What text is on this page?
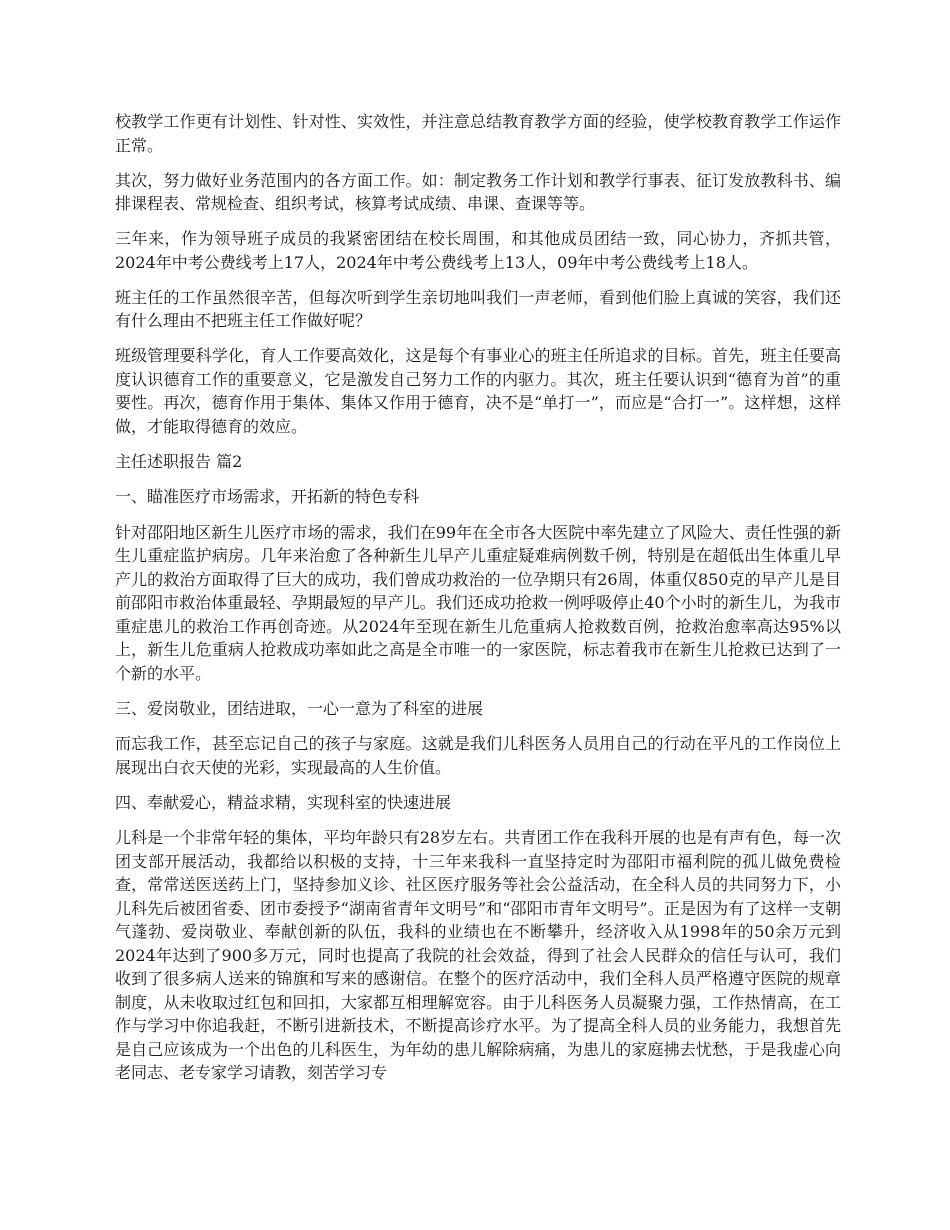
校教学工作更有计划性、针对性、实效性，并注意总结教育教学方面的经验，使学校教育教学工作运作正常。

其次，努力做好业务范围内的各方面工作。如：制定教务工作计划和教学行事表、征订发放教科书、编排课程表、常规检查、组织考试，核算考试成绩、串课、查课等等。

三年来，作为领导班子成员的我紧密团结在校长周围，和其他成员团结一致，同心协力，齐抓共管，2024年中考公费线考上17人，2024年中考公费线考上13人，09年中考公费线考上18人。

班主任的工作虽然很辛苦，但每次听到学生亲切地叫我们一声老师，看到他们脸上真诚的笑容，我们还有什么理由不把班主任工作做好呢？

班级管理要科学化，育人工作要高效化，这是每个有事业心的班主任所追求的目标。首先，班主任要高度认识德育工作的重要意义，它是激发自己努力工作的内驱力。其次，班主任要认识到“德育为首”的重要性。再次，德育作用于集体、集体又作用于德育，决不是“单打一”，而应是“合打一”。这样想，这样做，才能取得德育的效应。

主任述职报告 篇2

一、瞄准医疗市场需求，开拓新的特色专科

针对邵阳地区新生儿医疗市场的需求，我们在99年在全市各大医院中率先建立了风险大、责任性强的新生儿重症监护病房。几年来治愈了各种新生儿早产儿重症疑难病例数千例，特别是在超低出生体重儿早产儿的救治方面取得了巨大的成功，我们曾成功救治的一位孕期只有26周，体重仅850克的早产儿是目前邵阳市救治体重最轻、孕期最短的早产儿。我们还成功抢救一例呼吸停止40个小时的新生儿，为我市重症患儿的救治工作再创奇迹。从2024年至现在新生儿危重病人抢救数百例，抢救治愈率高达95%以上，新生儿危重病人抢救成功率如此之高是全市唯一的一家医院，标志着我市在新生儿抢救已达到了一个新的水平。

三、爱岗敬业，团结进取，一心一意为了科室的进展

而忘我工作，甚至忘记自己的孩子与家庭。这就是我们儿科医务人员用自己的行动在平凡的工作岗位上展现出白衣天使的光彩，实现最高的人生价值。

四、奉献爱心，精益求精，实现科室的快速进展

儿科是一个非常年轻的集体，平均年龄只有28岁左右。共青团工作在我科开展的也是有声有色，每一次团支部开展活动，我都给以积极的支持，十三年来我科一直坚持定时为邵阳市福利院的孤儿做免费检查，常常送医送药上门，坚持参加义诊、社区医疗服务等社会公益活动，在全科人员的共同努力下，小儿科先后被团省委、团市委授予“湖南省青年文明号”和“邵阳市青年文明号”。正是因为有了这样一支朝气蓬勃、爱岗敬业、奉献创新的队伍，我科的业绩也在不断攀升，经济收入从1998年的50余万元到2024年达到了900多万元，同时也提高了我院的社会效益，得到了社会人民群众的信任与认可，我们收到了很多病人送来的锦旗和写来的感谢信。在整个的医疗活动中，我们全科人员严格遵守医院的规章制度，从未收取过红包和回扣，大家都互相理解宽容。由于儿科医务人员凝聚力强，工作热情高，在工作与学习中你追我赶，不断引进新技术，不断提高诊疗水平。为了提高全科人员的业务能力，我想首先是自己应该成为一个出色的儿科医生，为年幼的患儿解除病痛，为患儿的家庭拂去忧愁，于是我虚心向老同志、老专家学习请教，刻苦学习专
